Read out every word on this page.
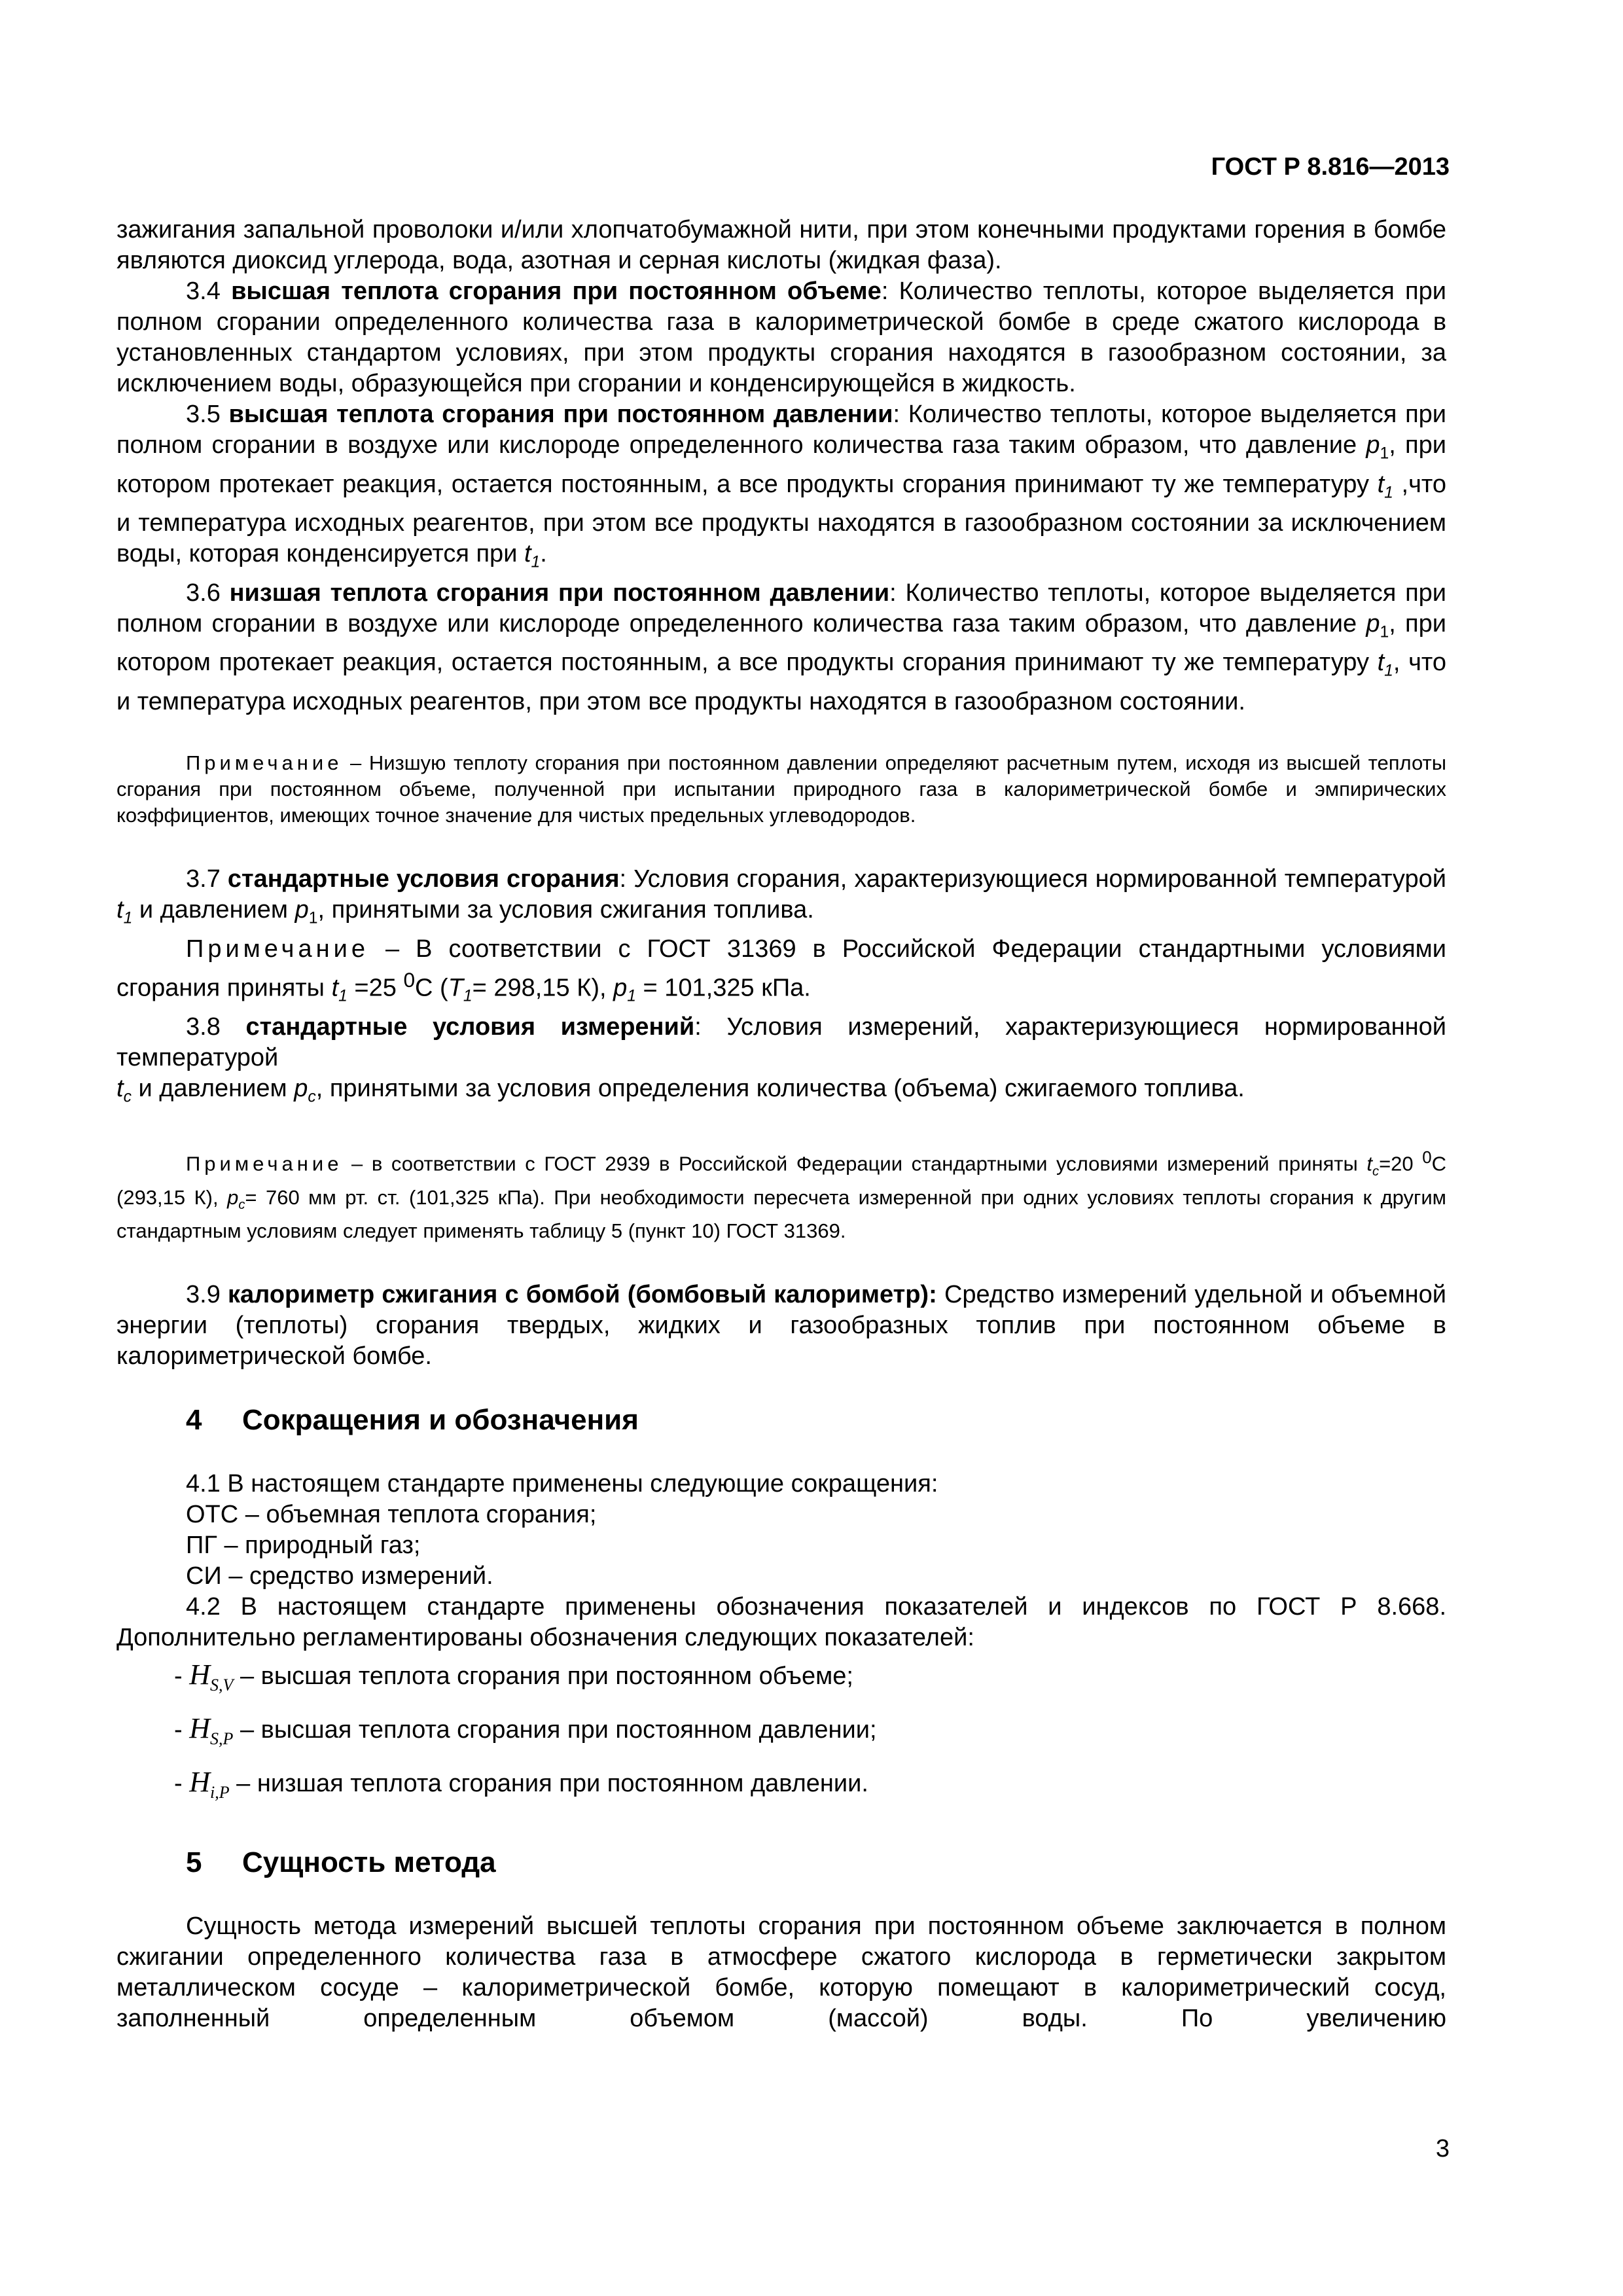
ГОСТ Р 8.816—2013

зажигания запальной проволоки и/или хлопчатобумажной нити, при этом конечными продуктами горения в бомбе являются диоксид углерода, вода, азотная и серная кислоты (жидкая фаза).

3.4 высшая теплота сгорания при постоянном объеме: Количество теплоты, которое выделяется при полном сгорании определенного количества газа в калориметрической бомбе в среде сжатого кислорода в установленных стандартом условиях, при этом продукты сгорания находятся в газообразном состоянии, за исключением воды, образующейся при сгорании и конденсирующейся в жидкость.

3.5 высшая теплота сгорания при постоянном давлении: Количество теплоты, которое выделяется при полном сгорании в воздухе или кислороде определенного количества газа таким образом, что давление $p_1$, при котором протекает реакция, остается постоянным, а все продукты сгорания принимают ту же температуру $t_1$ ,что и температура исходных реагентов, при этом все продукты находятся в газообразном состоянии за исключением воды, которая конденсируется при $t_1$.

3.6 низшая теплота сгорания при постоянном давлении: Количество теплоты, которое выделяется при полном сгорании в воздухе или кислороде определенного количества газа таким образом, что давление $p_1$, при котором протекает реакция, остается постоянным, а все продукты сгорания принимают ту же температуру $t_1$, что и температура исходных реагентов, при этом все продукты находятся в газообразном состоянии.

Примечание – Низшую теплоту сгорания при постоянном давлении определяют расчетным путем, исходя из высшей теплоты сгорания при постоянном объеме, полученной при испытании природного газа в калориметрической бомбе и эмпирических коэффициентов, имеющих точное значение для чистых предельных углеводородов.

3.7 стандартные условия сгорания: Условия сгорания, характеризующиеся нормированной температурой $t_1$ и давлением $p_1$, принятыми за условия сжигания топлива.

Примечание – В соответствии с ГОСТ 31369 в Российской Федерации стандартными условиями сгорания приняты $t_1 =25$ $^0$С ($T_1= 298,15$ К), $p_1 = 101,325$ кПа.

3.8 стандартные условия измерений: Условия измерений, характеризующиеся нормированной температурой

$t_c$ и давлением $p_c$, принятыми за условия определения количества (объема) сжигаемого топлива.

Примечание – в соответствии с ГОСТ 2939 в Российской Федерации стандартными условиями измерений приняты $t_c=20$ $^0$С (293,15 К), $p_c= 760$ мм рт. ст. (101,325 кПа). При необходимости пересчета измеренной при одних условиях теплоты сгорания к другим стандартным условиям следует применять таблицу 5 (пункт 10) ГОСТ 31369.

3.9 калориметр сжигания с бомбой (бомбовый калориметр): Средство измерений удельной и объемной энергии (теплоты) сгорания твердых, жидких и газообразных топлив при постоянном объеме в калориметрической бомбе.

4 Сокращения и обозначения

4.1 В настоящем стандарте применены следующие сокращения:

ОТС – объемная теплота сгорания;

ПГ – природный газ;

СИ – средство измерений.

4.2 В настоящем стандарте применены обозначения показателей и индексов по ГОСТ Р 8.668. Дополнительно регламентированы обозначения следующих показателей:

- $H_{S,V}$ – высшая теплота сгорания при постоянном объеме;

- $H_{S,P}$ – высшая теплота сгорания при постоянном давлении;

- $H_{i,P}$ – низшая теплота сгорания при постоянном давлении.

5 Сущность метода

Сущность метода измерений высшей теплоты сгорания при постоянном объеме заключается в полном сжигании определенного количества газа в атмосфере сжатого кислорода в герметически закрытом металлическом сосуде – калориметрической бомбе, которую помещают в калориметрический сосуд, заполненный определенным объемом (массой) воды. По увеличению

3
